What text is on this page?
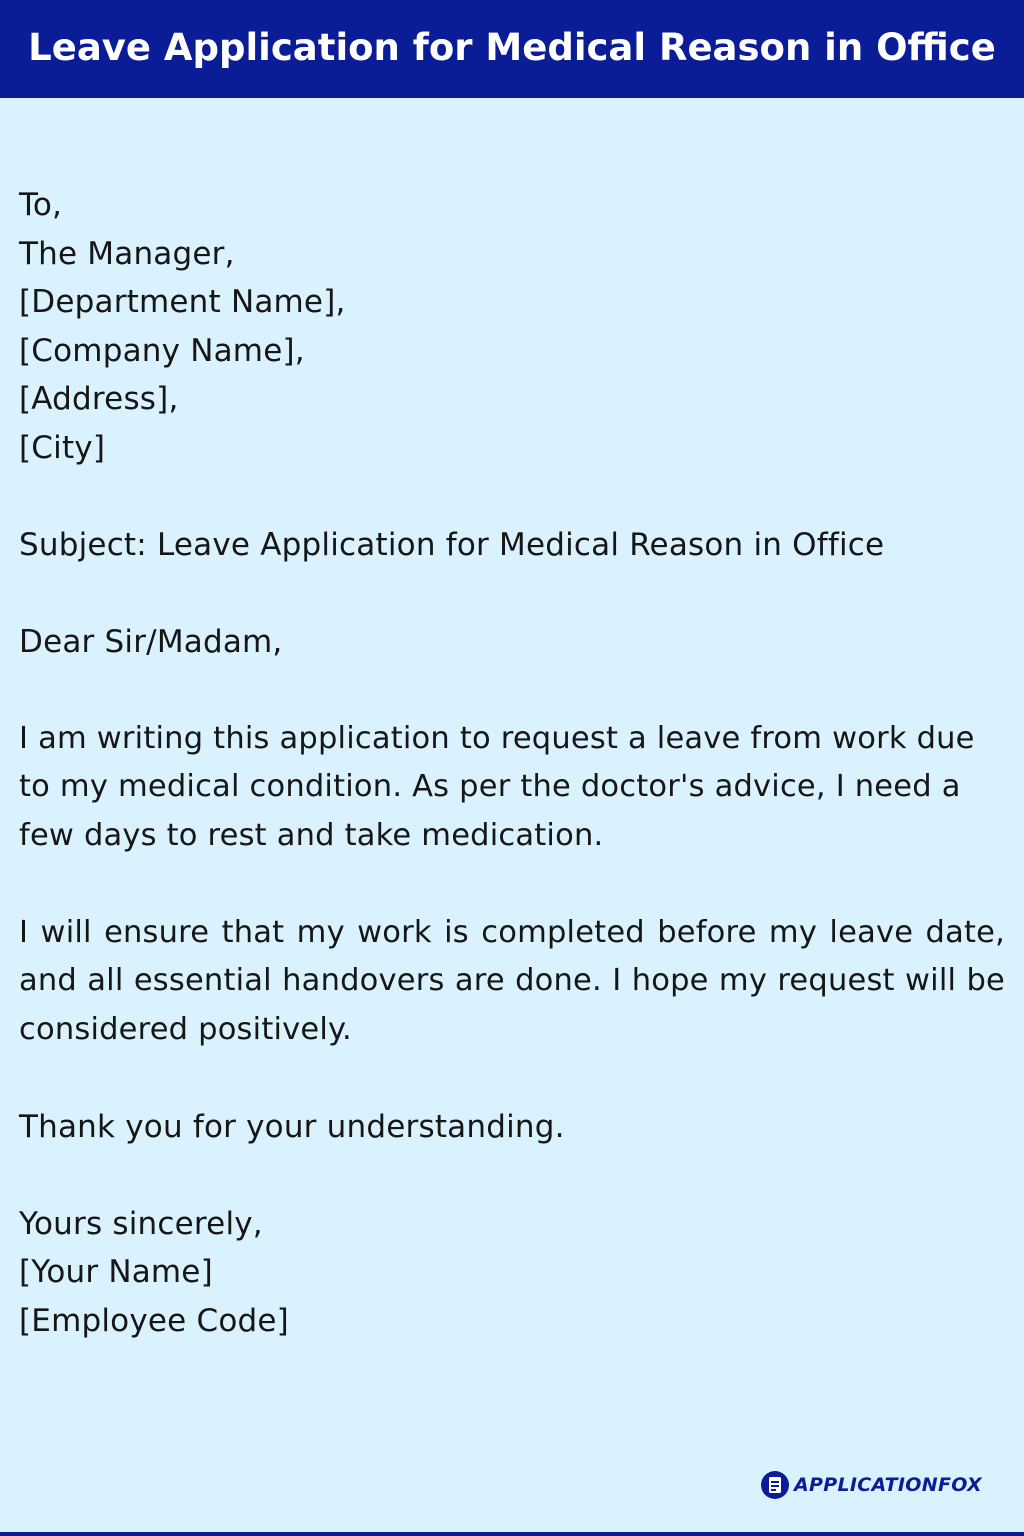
Leave Application for Medical Reason in Office
To,
The Manager,
[Department Name],
[Company Name],
[Address],
[City]
Subject: Leave Application for Medical Reason in Office
Dear Sir/Madam,

I am writing this application to request a leave from work due to my medical condition. As per the doctor's advice, I need a few days to rest and take medication.

I will ensure that my work is completed before my leave date, and all essential handovers are done. I hope my request will be considered positively.

Thank you for your understanding.
Yours sincerely,
[Your Name]
[Employee Code]
APPLICATIONFOX
